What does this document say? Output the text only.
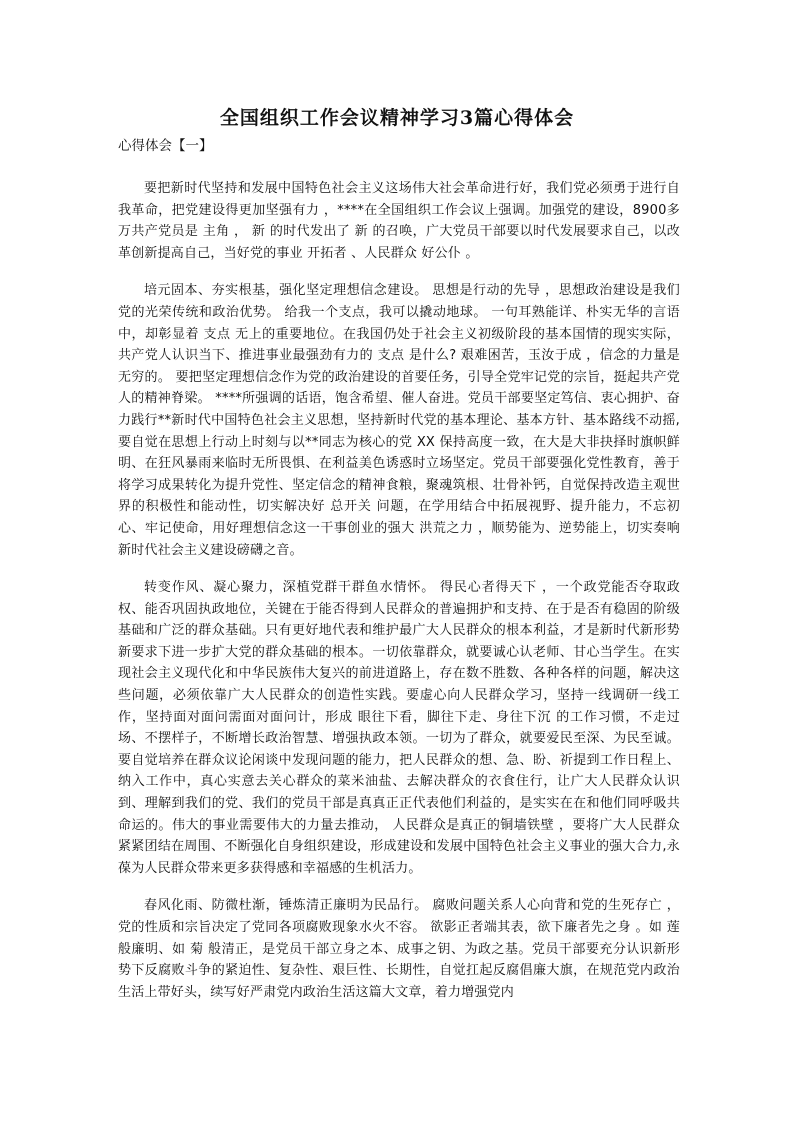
全国组织工作会议精神学习3篇心得体会

心得体会【一】

要把新时代坚持和发展中国特色社会主义这场伟大社会革命进行好，我们党必须勇于进行自我革命，把党建设得更加坚强有力 ，****在全国组织工作会议上强调。加强党的建设，8900多万共产党员是 主角 ， 新 的时代发出了 新 的召唤，广大党员干部要以时代发展要求自己，以改革创新提高自己，当好党的事业 开拓者 、人民群众 好公仆 。

培元固本、夯实根基，强化坚定理想信念建设。 思想是行动的先导 ，思想政治建设是我们党的光荣传统和政治优势。 给我一个支点，我可以撬动地球。 一句耳熟能详、朴实无华的言语中，却彰显着 支点 无上的重要地位。在我国仍处于社会主义初级阶段的基本国情的现实实际，共产党人认识当下、推进事业最强劲有力的 支点 是什么? 艰难困苦，玉汝于成 ，信念的力量是无穷的。 要把坚定理想信念作为党的政治建设的首要任务，引导全党牢记党的宗旨，挺起共产党人的精神脊梁。 ****所强调的话语，饱含希望、催人奋进。党员干部要坚定笃信、衷心拥护、奋力践行**新时代中国特色社会主义思想，坚持新时代党的基本理论、基本方针、基本路线不动摇,要自觉在思想上行动上时刻与以**同志为核心的党 XX 保持高度一致，在大是大非抉择时旗帜鲜明、在狂风暴雨来临时无所畏惧、在利益美色诱惑时立场坚定。党员干部要强化党性教育，善于将学习成果转化为提升党性、坚定信念的精神食粮，聚魂筑根、壮骨补钙，自觉保持改造主观世界的积极性和能动性，切实解决好 总开关 问题，在学用结合中拓展视野、提升能力，不忘初心、牢记使命，用好理想信念这一干事创业的强大 洪荒之力 ，顺势能为、逆势能上，切实奏响新时代社会主义建设磅礴之音。

转变作风、凝心聚力，深植党群干群鱼水情怀。 得民心者得天下 ，一个政党能否夺取政权、能否巩固执政地位，关键在于能否得到人民群众的普遍拥护和支持、在于是否有稳固的阶级基础和广泛的群众基础。只有更好地代表和维护最广大人民群众的根本利益，才是新时代新形势新要求下进一步扩大党的群众基础的根本。一切依靠群众，就要诚心认老师、甘心当学生。在实现社会主义现代化和中华民族伟大复兴的前进道路上，存在数不胜数、各种各样的问题，解决这些问题，必须依靠广大人民群众的创造性实践。要虚心向人民群众学习，坚持一线调研一线工作，坚持面对面问需面对面问计，形成 眼往下看，脚往下走、身往下沉 的工作习惯，不走过场、不摆样子，不断增长政治智慧、增强执政本领。一切为了群众，就要爱民至深、为民至诚。要自觉培养在群众议论闲谈中发现问题的能力，把人民群众的想、急、盼、祈提到工作日程上、纳入工作中，真心实意去关心群众的菜米油盐、去解决群众的衣食住行，让广大人民群众认识到、理解到我们的党、我们的党员干部是真真正正代表他们利益的，是实实在在和他们同呼吸共命运的。伟大的事业需要伟大的力量去推动， 人民群众是真正的铜墙铁壁 ，要将广大人民群众紧紧团结在周围、不断强化自身组织建设，形成建设和发展中国特色社会主义事业的强大合力,永葆为人民群众带来更多获得感和幸福感的生机活力。

春风化雨、防微杜渐，锤炼清正廉明为民品行。 腐败问题关系人心向背和党的生死存亡 ，党的性质和宗旨决定了党同各项腐败现象水火不容。 欲影正者端其表，欲下廉者先之身 。如 莲 般廉明、如 菊 般清正，是党员干部立身之本、成事之钥、为政之基。党员干部要充分认识新形势下反腐败斗争的紧迫性、复杂性、艰巨性、长期性，自觉扛起反腐倡廉大旗，在规范党内政治生活上带好头，续写好严肃党内政治生活这篇大文章，着力增强党内
